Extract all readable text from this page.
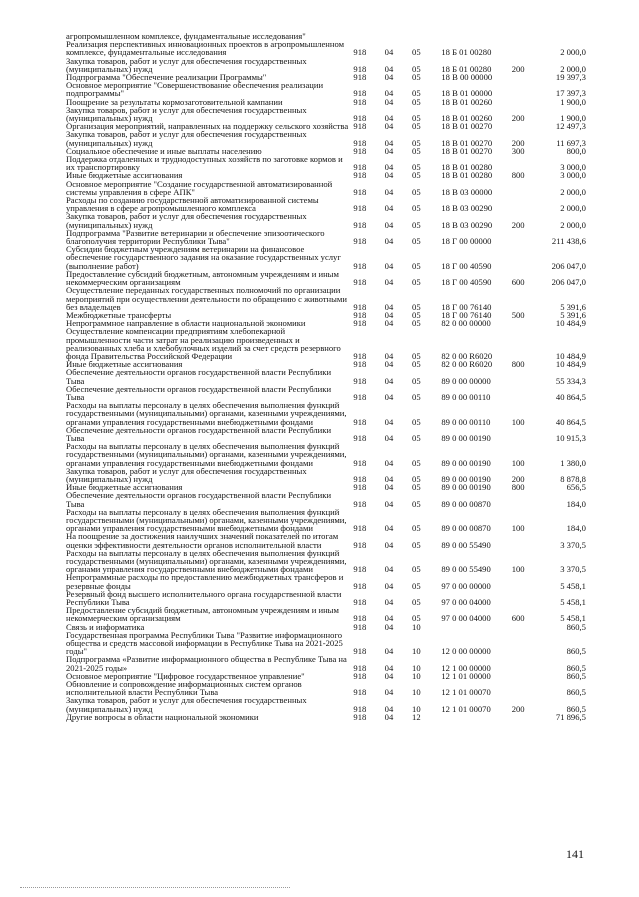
агропромышленном комплексе, фундаментальные исследования"
Реализация перспективных инновационных проектов в агропромышленном комплексе, фундаментальные исследования	918	04	05	18 Б 01 00280	2 000,0
Закупка товаров, работ и услуг для обеспечения государственных (муниципальных) нужд	918	04	05	18 Б 01 00280	200	2 000,0
Подпрограмма "Обеспечение реализации Программы"	918	04	05	18 В 00 00000	19 397,3
Основное мероприятие "Совершенствование обеспечения реализации подпрограммы"	918	04	05	18 В 01 00000	17 397,3
Поощрение за результаты кормозаготовительной кампании	918	04	05	18 В 01 00260	1 900,0
Закупка товаров, работ и услуг для обеспечения государственных (муниципальных) нужд	918	04	05	18 В 01 00260	200	1 900,0
Организация мероприятий, направленных на поддержку сельского хозяйства 918	04	05	18 В 01 00270	12 497,3
Закупка товаров, работ и услуг для обеспечения государственных (муниципальных) нужд	918	04	05	18 В 01 00270	200	11 697,3
Социальное обеспечение и иные выплаты населению	918	04	05	18 В 01 00270	300	800,0
Поддержка отдаленных и труднодоступных хозяйств по заготовке кормов и их транспортировку	918	04	05	18 В 01 00280	3 000,0
Иные бюджетные ассигнования	918	04	05	18 В 01 00280	800	3 000,0
Основное мероприятие "Создание государственной автоматизированной системы управления в сфере АПК"	918	04	05	18 В 03 00000	2 000,0
Расходы по созданию государственной автоматизированной системы управления в сфере агропромышленного комплекса	918	04	05	18 В 03 00290	2 000,0
Закупка товаров, работ и услуг для обеспечения государственных (муниципальных) нужд	918	04	05	18 В 03 00290	200	2 000,0
Подпрограмма "Развитие ветеринарии и обеспечение эпизоотического благополучия территории Республики Тыва"	918	04	05	18 Г 00 00000	211 438,6
Субсидии бюджетным учреждениям ветеринарии на финансовое обеспечение государственного задания на оказание государственных услуг (выполнение работ)	918	04	05	18 Г 00 40590	206 047,0
Предоставление субсидий бюджетным, автономным учреждениям и иным некоммерческим организациям	918	04	05	18 Г 00 40590	600	206 047,0
Осуществление переданных государственных полномочий по организации мероприятий при осуществлении деятельности по обращению с животными без владельцев	918	04	05	18 Г 00 76140	5 391,6
Межбюджетные трансферты	918	04	05	18 Г 00 76140	500	5 391,6
Непрограммное направление в области национальной экономики	918	04	05	82 0 00 00000	10 484,9
Осуществление компенсации предприятиям хлебопекарной промышленности части затрат на реализацию произведенных и реализованных хлеба и хлебобулочных изделий за счет средств резервного фонда Правительства Российской Федерации	918	04	05	82 0 00 R6020	10 484,9
Иные бюджетные ассигнования	918	04	05	82 0 00 R6020	800	10 484,9
Обеспечение деятельности органов государственной власти Республики Тыва	918	04	05	89 0 00 00000	55 334,3
Обеспечение деятельности органов государственной власти Республики Тыва	918	04	05	89 0 00 00110	40 864,5
Расходы на выплаты персоналу в целях обеспечения выполнения функций государственными (муниципальными) органами, казенными учреждениями, органами управления государственными внебюджетными фондами	918	04	05	89 0 00 00110	100	40 864,5
Обеспечение деятельности органов государственной власти Республики Тыва	918	04	05	89 0 00 00190	10 915,3
Расходы на выплаты персоналу в целях обеспечения выполнения функций государственными (муниципальными) органами, казенными учреждениями, органами управления государственными внебюджетными фондами	918	04	05	89 0 00 00190	100	1 380,0
Закупка товаров, работ и услуг для обеспечения государственных (муниципальных) нужд	918	04	05	89 0 00 00190	200	8 878,8
Иные бюджетные ассигнования	918	04	05	89 0 00 00190	800	656,5
Обеспечение деятельности органов государственной власти Республики Тыва	918	04	05	89 0 00 00870	184,0
Расходы на выплаты персоналу в целях обеспечения выполнения функций государственными (муниципальными) органами, казенными учреждениями, органами управления государственными внебюджетными фондами	918	04	05	89 0 00 00870	100	184,0
На поощрение за достижения наилучших значений показателей по итогам оценки эффективности деятельности органов исполнительной власти	918	04	05	89 0 00 55490	3 370,5
Расходы на выплаты персоналу в целях обеспечения выполнения функций государственными (муниципальными) органами, казенными учреждениями, органами управления государственными внебюджетными фондами	918	04	05	89 0 00 55490	100	3 370,5
Непрограммные расходы по предоставлению межбюджетных трансферов и резервные фонды	918	04	05	97 0 00 00000	5 458,1
Резервный фонд высшего исполнительного органа государственной власти Республики Тыва	918	04	05	97 0 00 04000	5 458,1
Предоставление субсидий бюджетным, автономным учреждениям и иным некоммерческим организациям	918	04	05	97 0 00 04000	600	5 458,1
Связь и информатика	918	04	10	860,5
Государственная программа Республики Тыва "Развитие информационного общества и средств массовой информации в Республике Тыва на 2021-2025 годы"	918	04	10	12 0 00 00000	860,5
Подпрограмма «Развитие информационного общества в Республике Тыва на 2021-2025 годы»	918	04	10	12 1 00 00000	860,5
Основное мероприятие "Цифровое государственное управление"	918	04	10	12 1 01 00000	860,5
Обновление и сопровождение информационных систем органов исполнительной власти Республики Тыва	918	04	10	12 1 01 00070	860,5
Закупка товаров, работ и услуг для обеспечения государственных (муниципальных) нужд	918	04	10	12 1 01 00070	200	860,5
Другие вопросы в области национальной экономики	918	04	12	71 896,5
141
